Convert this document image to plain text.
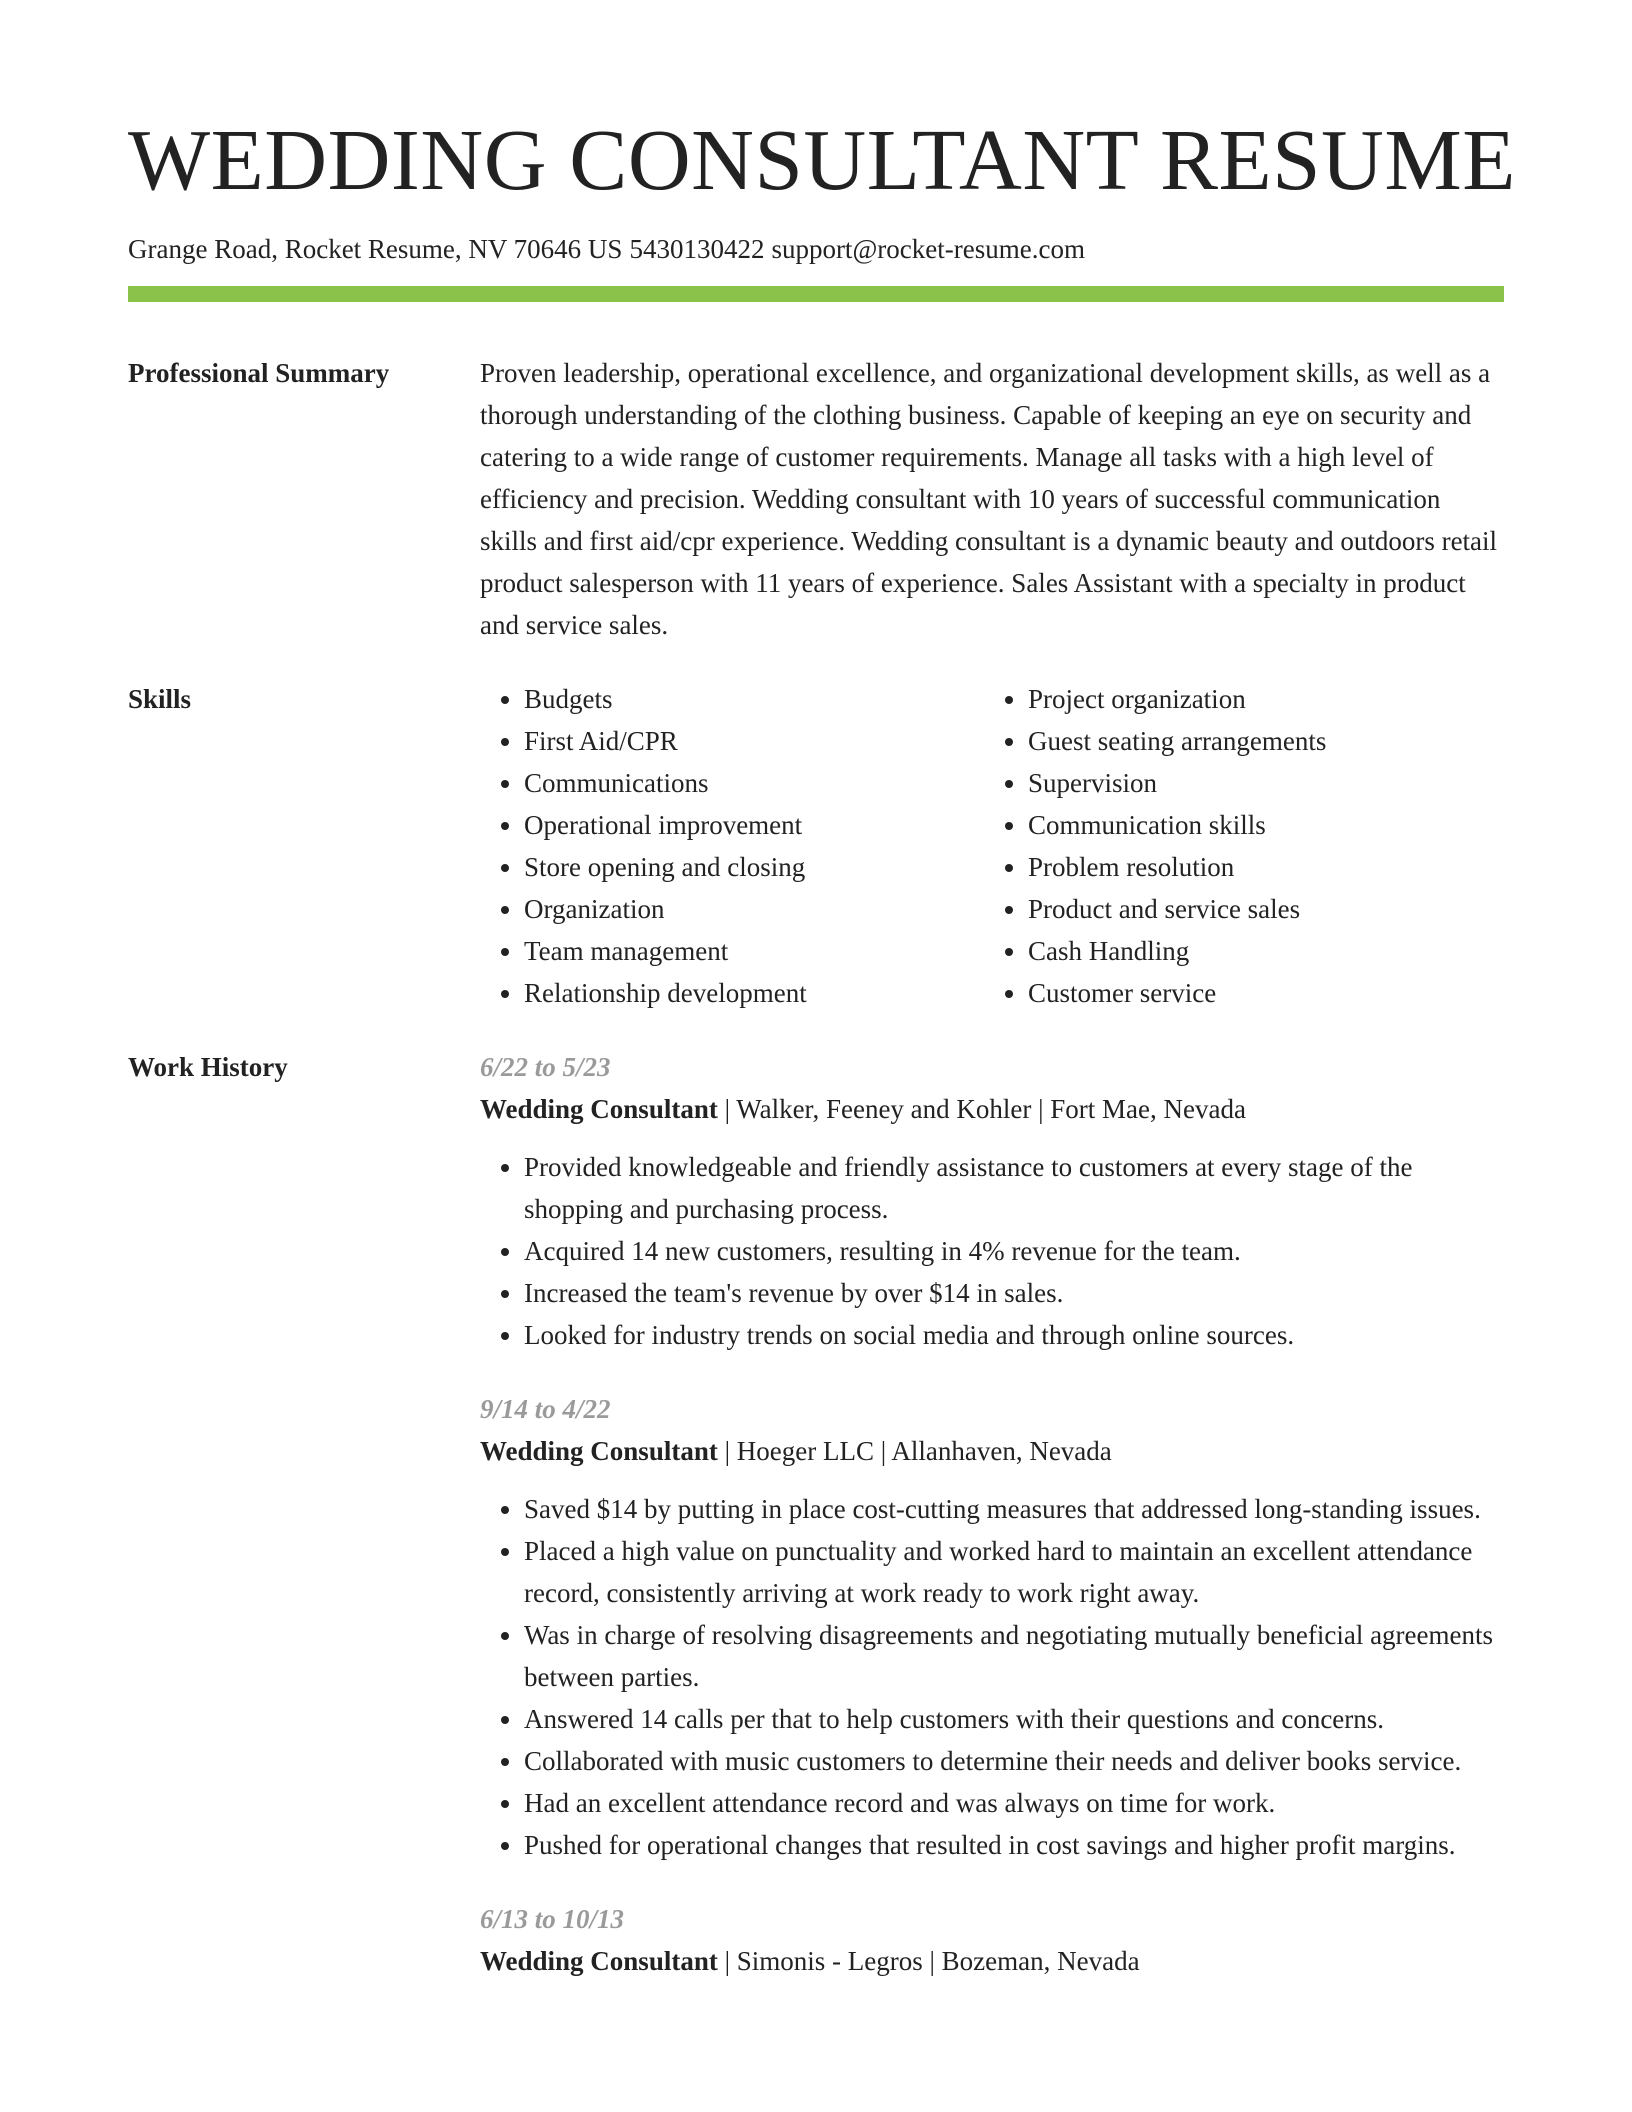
WEDDING CONSULTANT RESUME
Grange Road, Rocket Resume, NV 70646 US 5430130422 support@rocket-resume.com
Professional Summary	Proven leadership, operational excellence, and organizational development skills, as well as a thorough understanding of the clothing business. Capable of keeping an eye on security and catering to a wide range of customer requirements. Manage all tasks with a high level of efficiency and precision. Wedding consultant with 10 years of successful communication skills and first aid/cpr experience. Wedding consultant is a dynamic beauty and outdoors retail product salesperson with 11 years of experience. Sales Assistant with a specialty in product and service sales.

Skills
•	Budgets
• First Aid/CPR
• Communications
• Operational improvement
• Store opening and closing
• Organization
• Team management
• Relationship development
• Project organization
• Guest seating arrangements
• Supervision
• Communication skills
• Problem resolution
• Product and service sales
• Cash Handling
• Customer service
Work History	6/22 to 5/23
Wedding Consultant | Walker, Feeney and Kohler | Fort Mae, Nevada
• Provided knowledgeable and friendly assistance to customers at every stage of the shopping and purchasing process.
• Acquired 14 new customers, resulting in 4% revenue for the team.
• Increased the team's revenue by over $14 in sales.
• Looked for industry trends on social media and through online sources.
9/14 to 4/22
Wedding Consultant | Hoeger LLC | Allanhaven, Nevada
• Saved $14 by putting in place cost-cutting measures that addressed long-standing issues.
• Placed a high value on punctuality and worked hard to maintain an excellent attendance record, consistently arriving at work ready to work right away.
• Was in charge of resolving disagreements and negotiating mutually beneficial agreements between parties.
• Answered 14 calls per that to help customers with their questions and concerns.
• Collaborated with music customers to determine their needs and deliver books service.
• Had an excellent attendance record and was always on time for work.
• Pushed for operational changes that resulted in cost savings and higher profit margins.
6/13 to 10/13
Wedding Consultant | Simonis - Legros | Bozeman, Nevada
